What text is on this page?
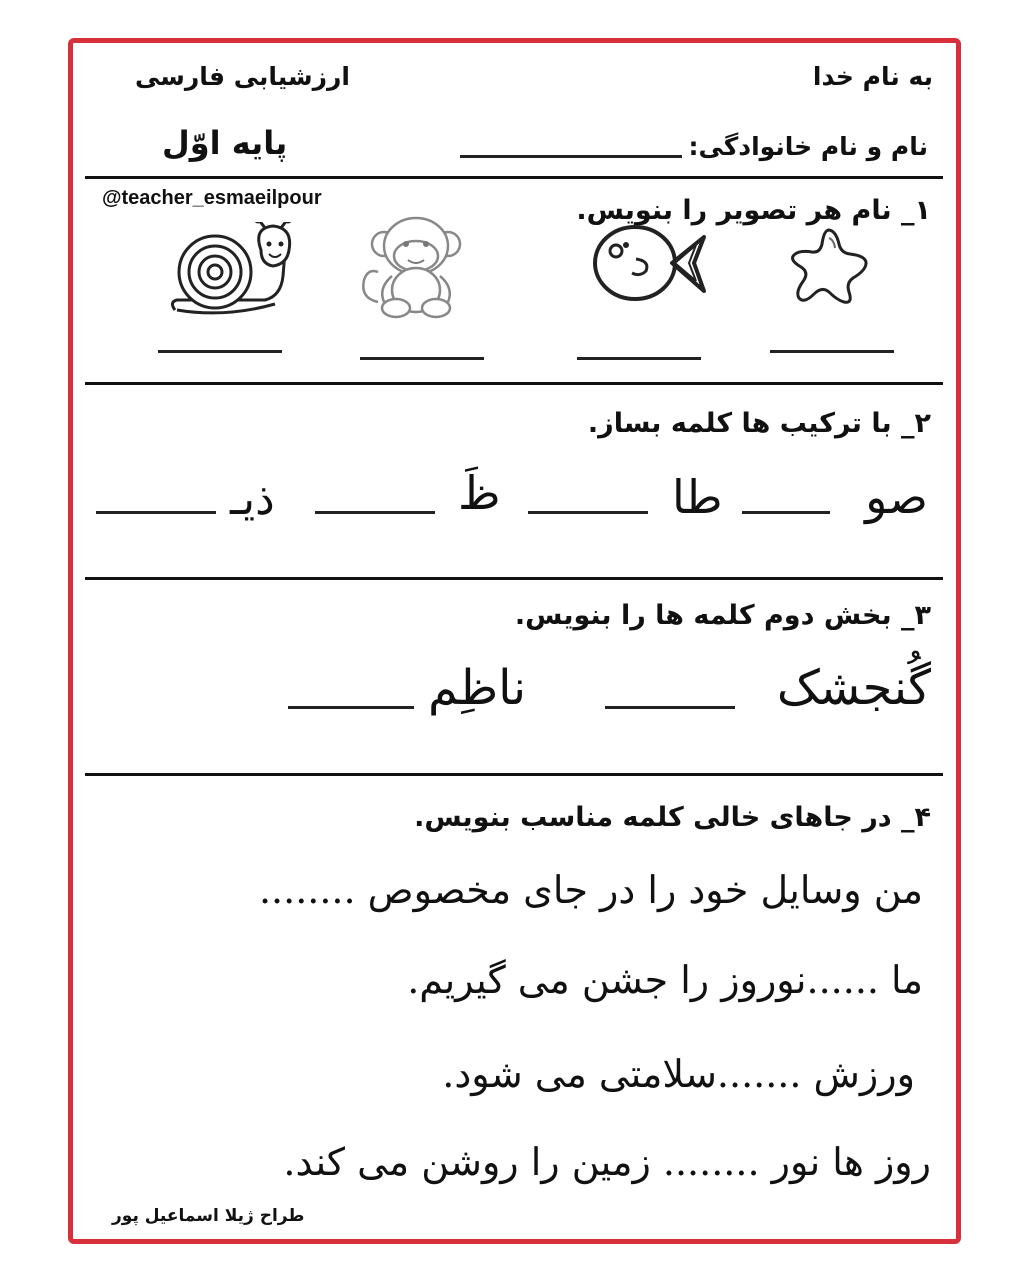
به نام خدا
ارزشیابی فارسی
نام و نام خانوادگی:
پایه اوّل
@teacher_esmaeilpour	۱_ نام هر تصویر را بنویس.
۲_ با ترکیب ها کلمه بساز.
صو
طا
ظَ
ذیـ
۳_ بخش دوم کلمه ها را بنویس.
گُنجشک
ناظِم
۴_ در جاهای خالی کلمه مناسب بنویس.
من وسایل خود را در جای مخصوص ........
ما ......نوروز را جشن می گیریم.
ورزش .......سلامتی می شود.
روز ها نور ........ زمین را روشن می کند.
طراح ژیلا اسماعیل پور
